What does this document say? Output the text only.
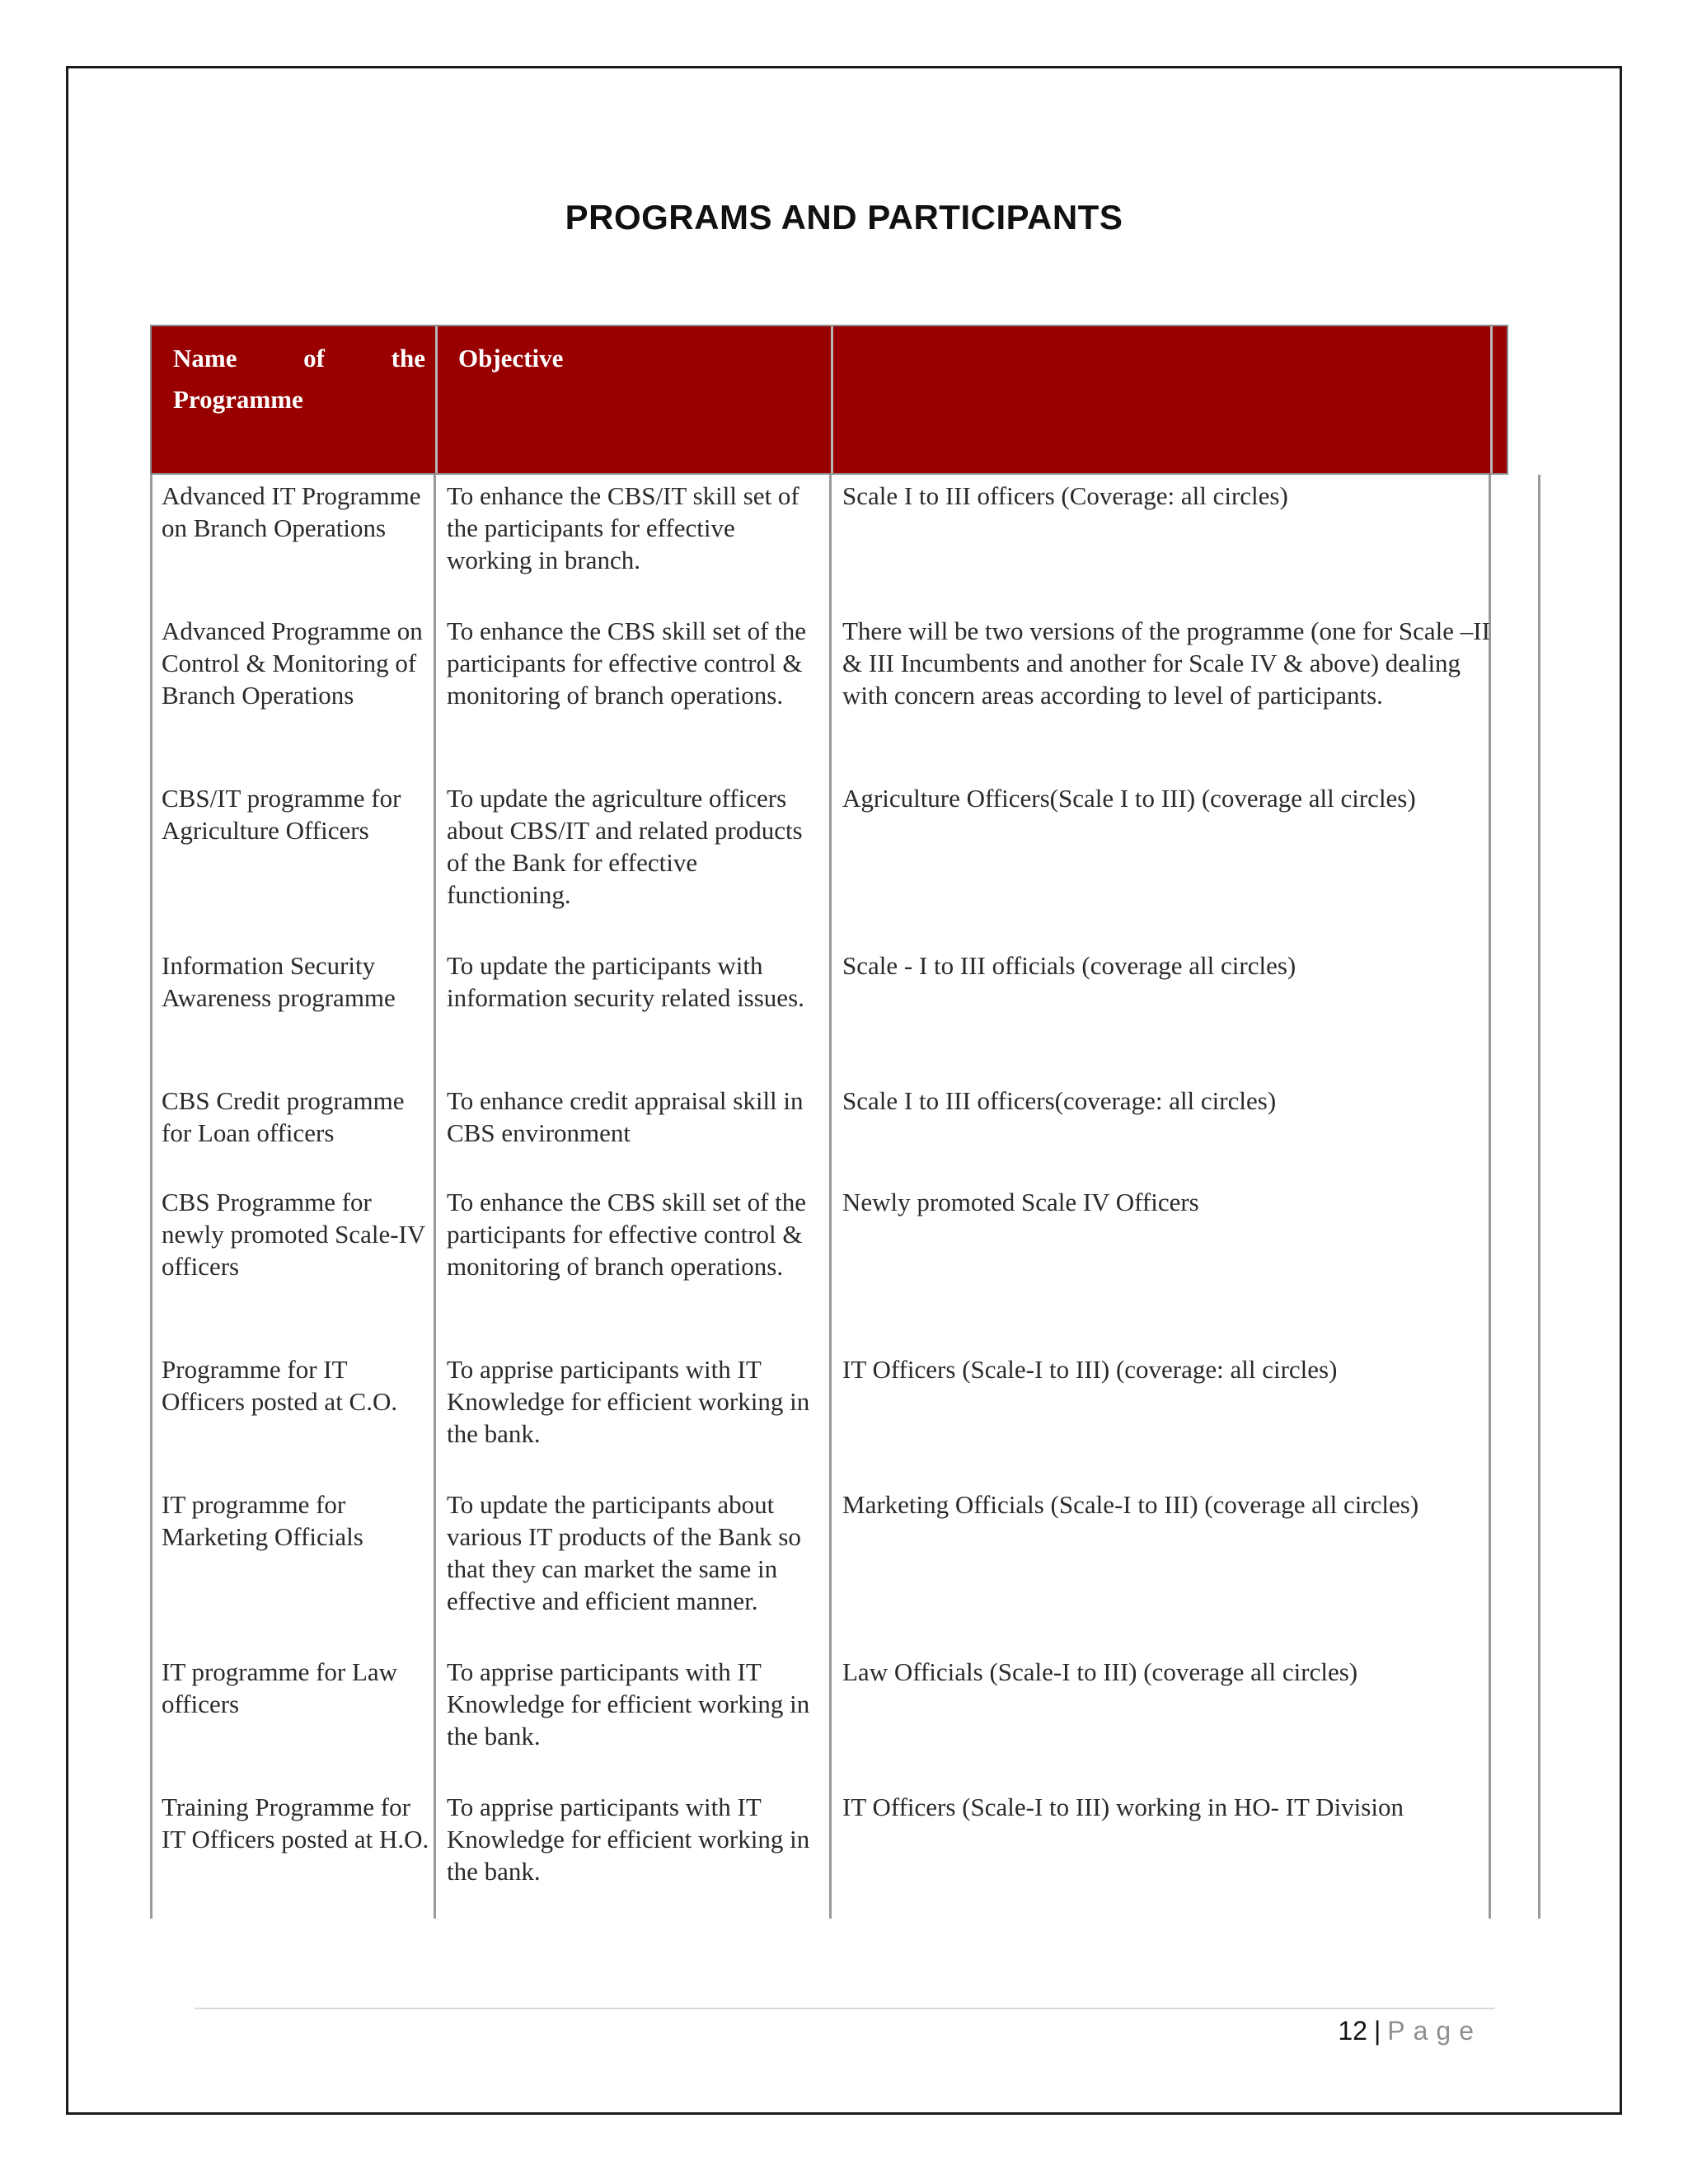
PROGRAMS AND PARTICIPANTS
Name	of	the
Programme
Objective
Advanced IT Programme on Branch Operations
To enhance the CBS/IT skill set of the participants for effective working in branch.
Scale I to III officers (Coverage: all circles)
Advanced Programme on Control & Monitoring of Branch Operations
To enhance the CBS skill set of the participants for effective control & monitoring of branch operations.
There will be two versions of the programme (one for Scale –II & III Incumbents and another for Scale IV & above) dealing with concern areas according to level of participants.
CBS/IT programme for Agriculture Officers
To update the agriculture officers about CBS/IT and related products of the Bank for effective functioning.
Agriculture Officers(Scale I to III) (coverage all circles)
Information Security Awareness programme
To update the participants with information security related issues.
Scale - I to III officials (coverage all circles)
CBS Credit programme for Loan officers
To enhance credit appraisal skill in CBS environment
Scale I to III officers(coverage: all circles)
CBS Programme for newly promoted Scale-IV officers
To enhance the CBS skill set of the participants for effective control & monitoring of branch operations.
Newly promoted Scale IV Officers
Programme for IT Officers posted at C.O.
To apprise participants with IT Knowledge for efficient working in the bank.
IT Officers (Scale-I to III) (coverage: all circles)
IT programme for Marketing Officials
To update the participants about various IT products of the Bank so that they can market the same in effective and efficient manner.
Marketing Officials (Scale-I to III) (coverage all circles)
IT programme for Law officers
To apprise participants with IT Knowledge for efficient working in the bank.
Law Officials (Scale-I to III) (coverage all circles)
Training Programme for IT Officers posted at H.O.
To apprise participants with IT Knowledge for efficient working in the bank.
IT Officers (Scale-I to III) working in HO- IT Division
12 | Page
